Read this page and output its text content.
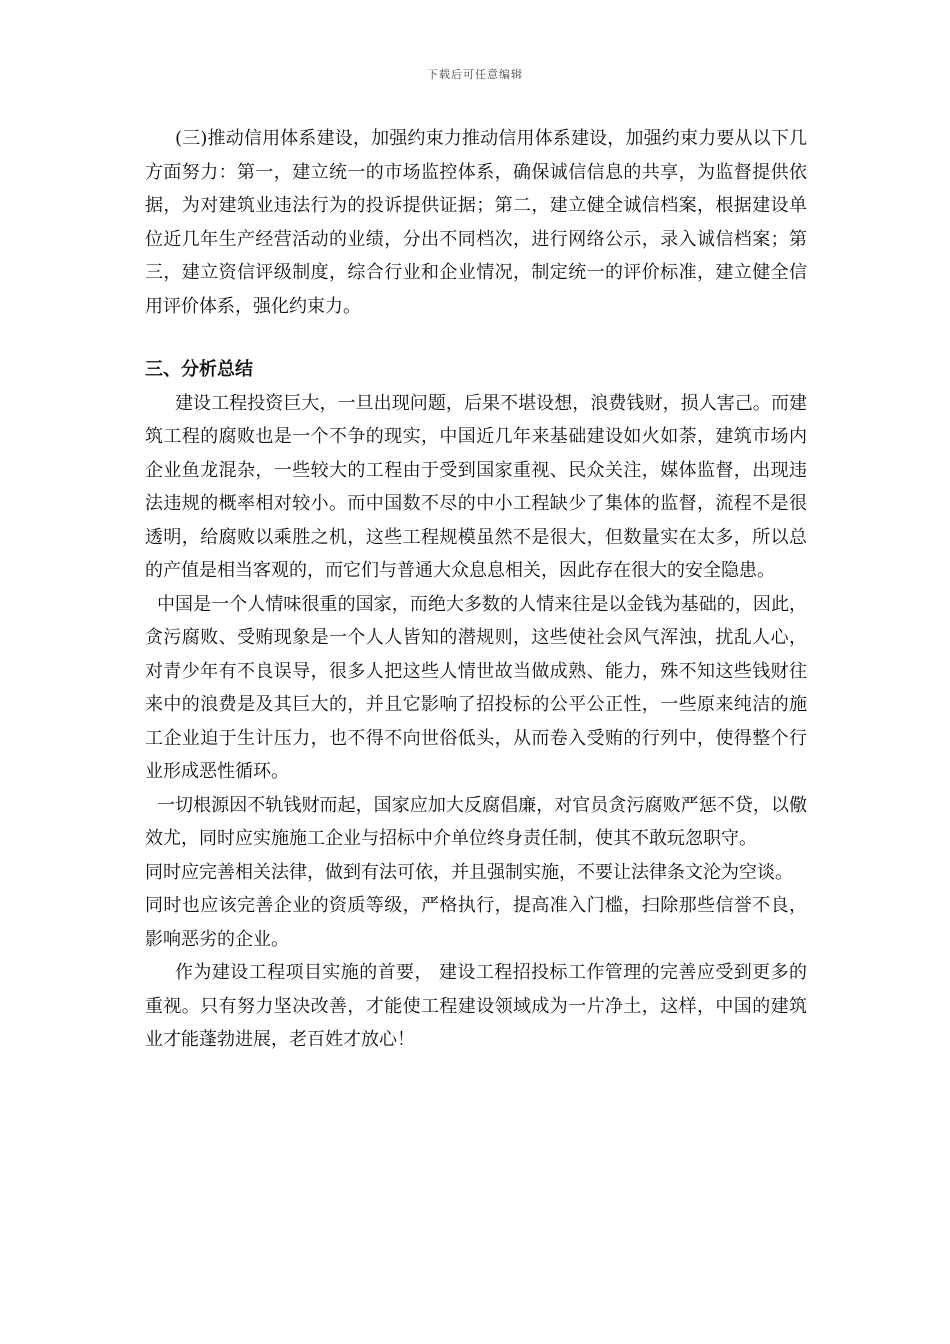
下载后可任意编辑

(三)推动信用体系建设，加强约束力推动信用体系建设，加强约束力要从以下几方面努力：第一，建立统一的市场监控体系，确保诚信信息的共享，为监督提供依据，为对建筑业违法行为的投诉提供证据；第二，建立健全诚信档案，根据建设单位近几年生产经营活动的业绩，分出不同档次，进行网络公示，录入诚信档案；第三，建立资信评级制度，综合行业和企业情况，制定统一的评价标准，建立健全信用评价体系，强化约束力。

三、分析总结

建设工程投资巨大，一旦出现问题，后果不堪设想，浪费钱财，损人害己。而建筑工程的腐败也是一个不争的现实，中国近几年来基础建设如火如荼，建筑市场内企业鱼龙混杂，一些较大的工程由于受到国家重视、民众关注，媒体监督，出现违法违规的概率相对较小。而中国数不尽的中小工程缺少了集体的监督，流程不是很透明，给腐败以乘胜之机，这些工程规模虽然不是很大，但数量实在太多，所以总的产值是相当客观的，而它们与普通大众息息相关，因此存在很大的安全隐患。

中国是一个人情味很重的国家，而绝大多数的人情来往是以金钱为基础的，因此，贪污腐败、受贿现象是一个人人皆知的潜规则，这些使社会风气浑浊，扰乱人心，对青少年有不良误导，很多人把这些人情世故当做成熟、能力，殊不知这些钱财往来中的浪费是及其巨大的，并且它影响了招投标的公平公正性，一些原来纯洁的施工企业迫于生计压力，也不得不向世俗低头，从而卷入受贿的行列中，使得整个行业形成恶性循环。

一切根源因不轨钱财而起，国家应加大反腐倡廉，对官员贪污腐败严惩不贷，以儆效尤，同时应实施施工企业与招标中介单位终身责任制，使其不敢玩忽职守。

同时应完善相关法律，做到有法可依，并且强制实施，不要让法律条文沦为空谈。

同时也应该完善企业的资质等级，严格执行，提高准入门槛，扫除那些信誉不良，影响恶劣的企业。

作为建设工程项目实施的首要， 建设工程招投标工作管理的完善应受到更多的重视。只有努力坚决改善，才能使工程建设领域成为一片净土，这样，中国的建筑业才能蓬勃进展，老百姓才放心！
